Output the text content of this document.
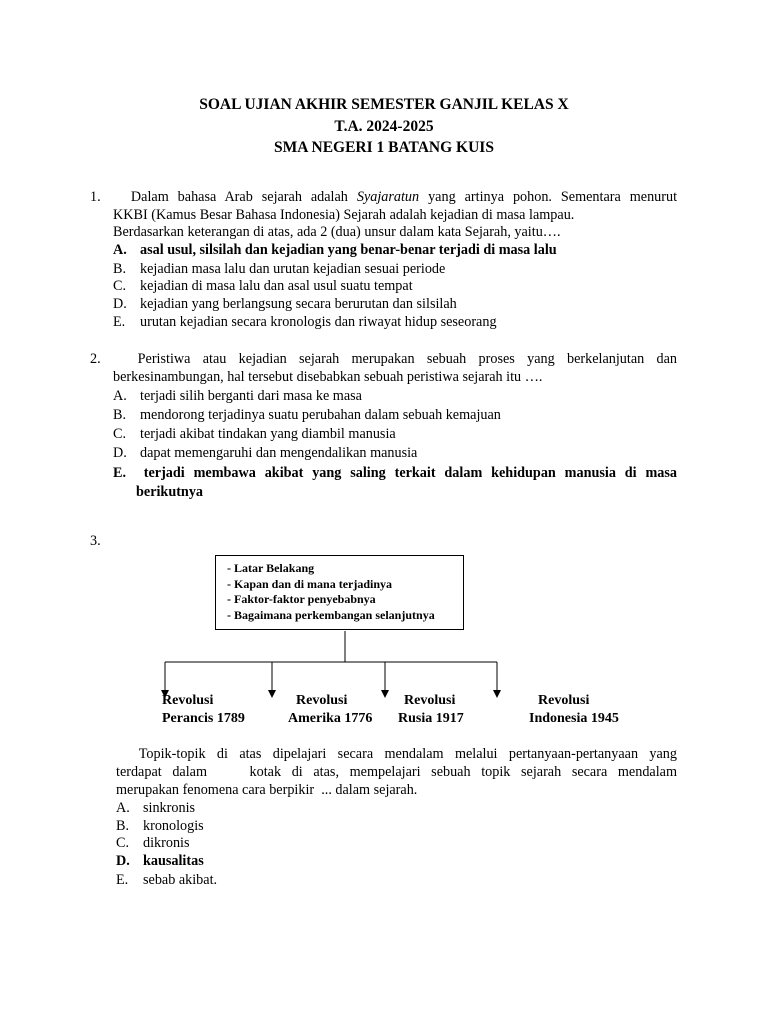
SOAL UJIAN AKHIR SEMESTER GANJIL KELAS X
T.A. 2024-2025
SMA NEGERI 1 BATANG KUIS
1.	Dalam bahasa Arab sejarah adalah Syajaratun yang artinya pohon. Sementara menurut
KKBI (Kamus Besar Bahasa Indonesia) Sejarah adalah kejadian di masa lampau.
Berdasarkan keterangan di atas, ada 2 (dua) unsur dalam kata Sejarah, yaitu….
A. asal usul, silsilah dan kejadian yang benar-benar terjadi di masa lalu
B. kejadian masa lalu dan urutan kejadian sesuai periode
C. kejadian di masa lalu dan asal usul suatu tempat
D. kejadian yang berlangsung secara berurutan dan silsilah
E. urutan kejadian secara kronologis dan riwayat hidup seseorang
2.	Peristiwa atau kejadian sejarah merupakan sebuah proses yang berkelanjutan dan
berkesinambungan, hal tersebut disebabkan sebuah peristiwa sejarah itu ….
A. terjadi silih berganti dari masa ke masa
B. mendorong terjadinya suatu perubahan dalam sebuah kemajuan
C. terjadi akibat tindakan yang diambil manusia
D. dapat memengaruhi dan mengendalikan manusia
E. terjadi membawa akibat yang saling terkait dalam kehidupan manusia di masa
berikutnya
3.
- Latar Belakang
- Kapan dan di mana terjadinya
- Faktor-faktor penyebabnya
- Bagaimana perkembangan selanjutnya
Revolusi
Perancis 1789
Revolusi
Amerika 1776
Revolusi
Rusia 1917
Revolusi
Indonesia 1945
Topik-topik di atas dipelajari secara mendalam melalui pertanyaan-pertanyaan yang
terdapat dalam    kotak di atas, mempelajari sebuah topik sejarah secara mendalam
merupakan fenomena cara berpikir  ... dalam sejarah.
A. sinkronis
B. kronologis
C. dikronis
D. kausalitas
E. sebab akibat.
